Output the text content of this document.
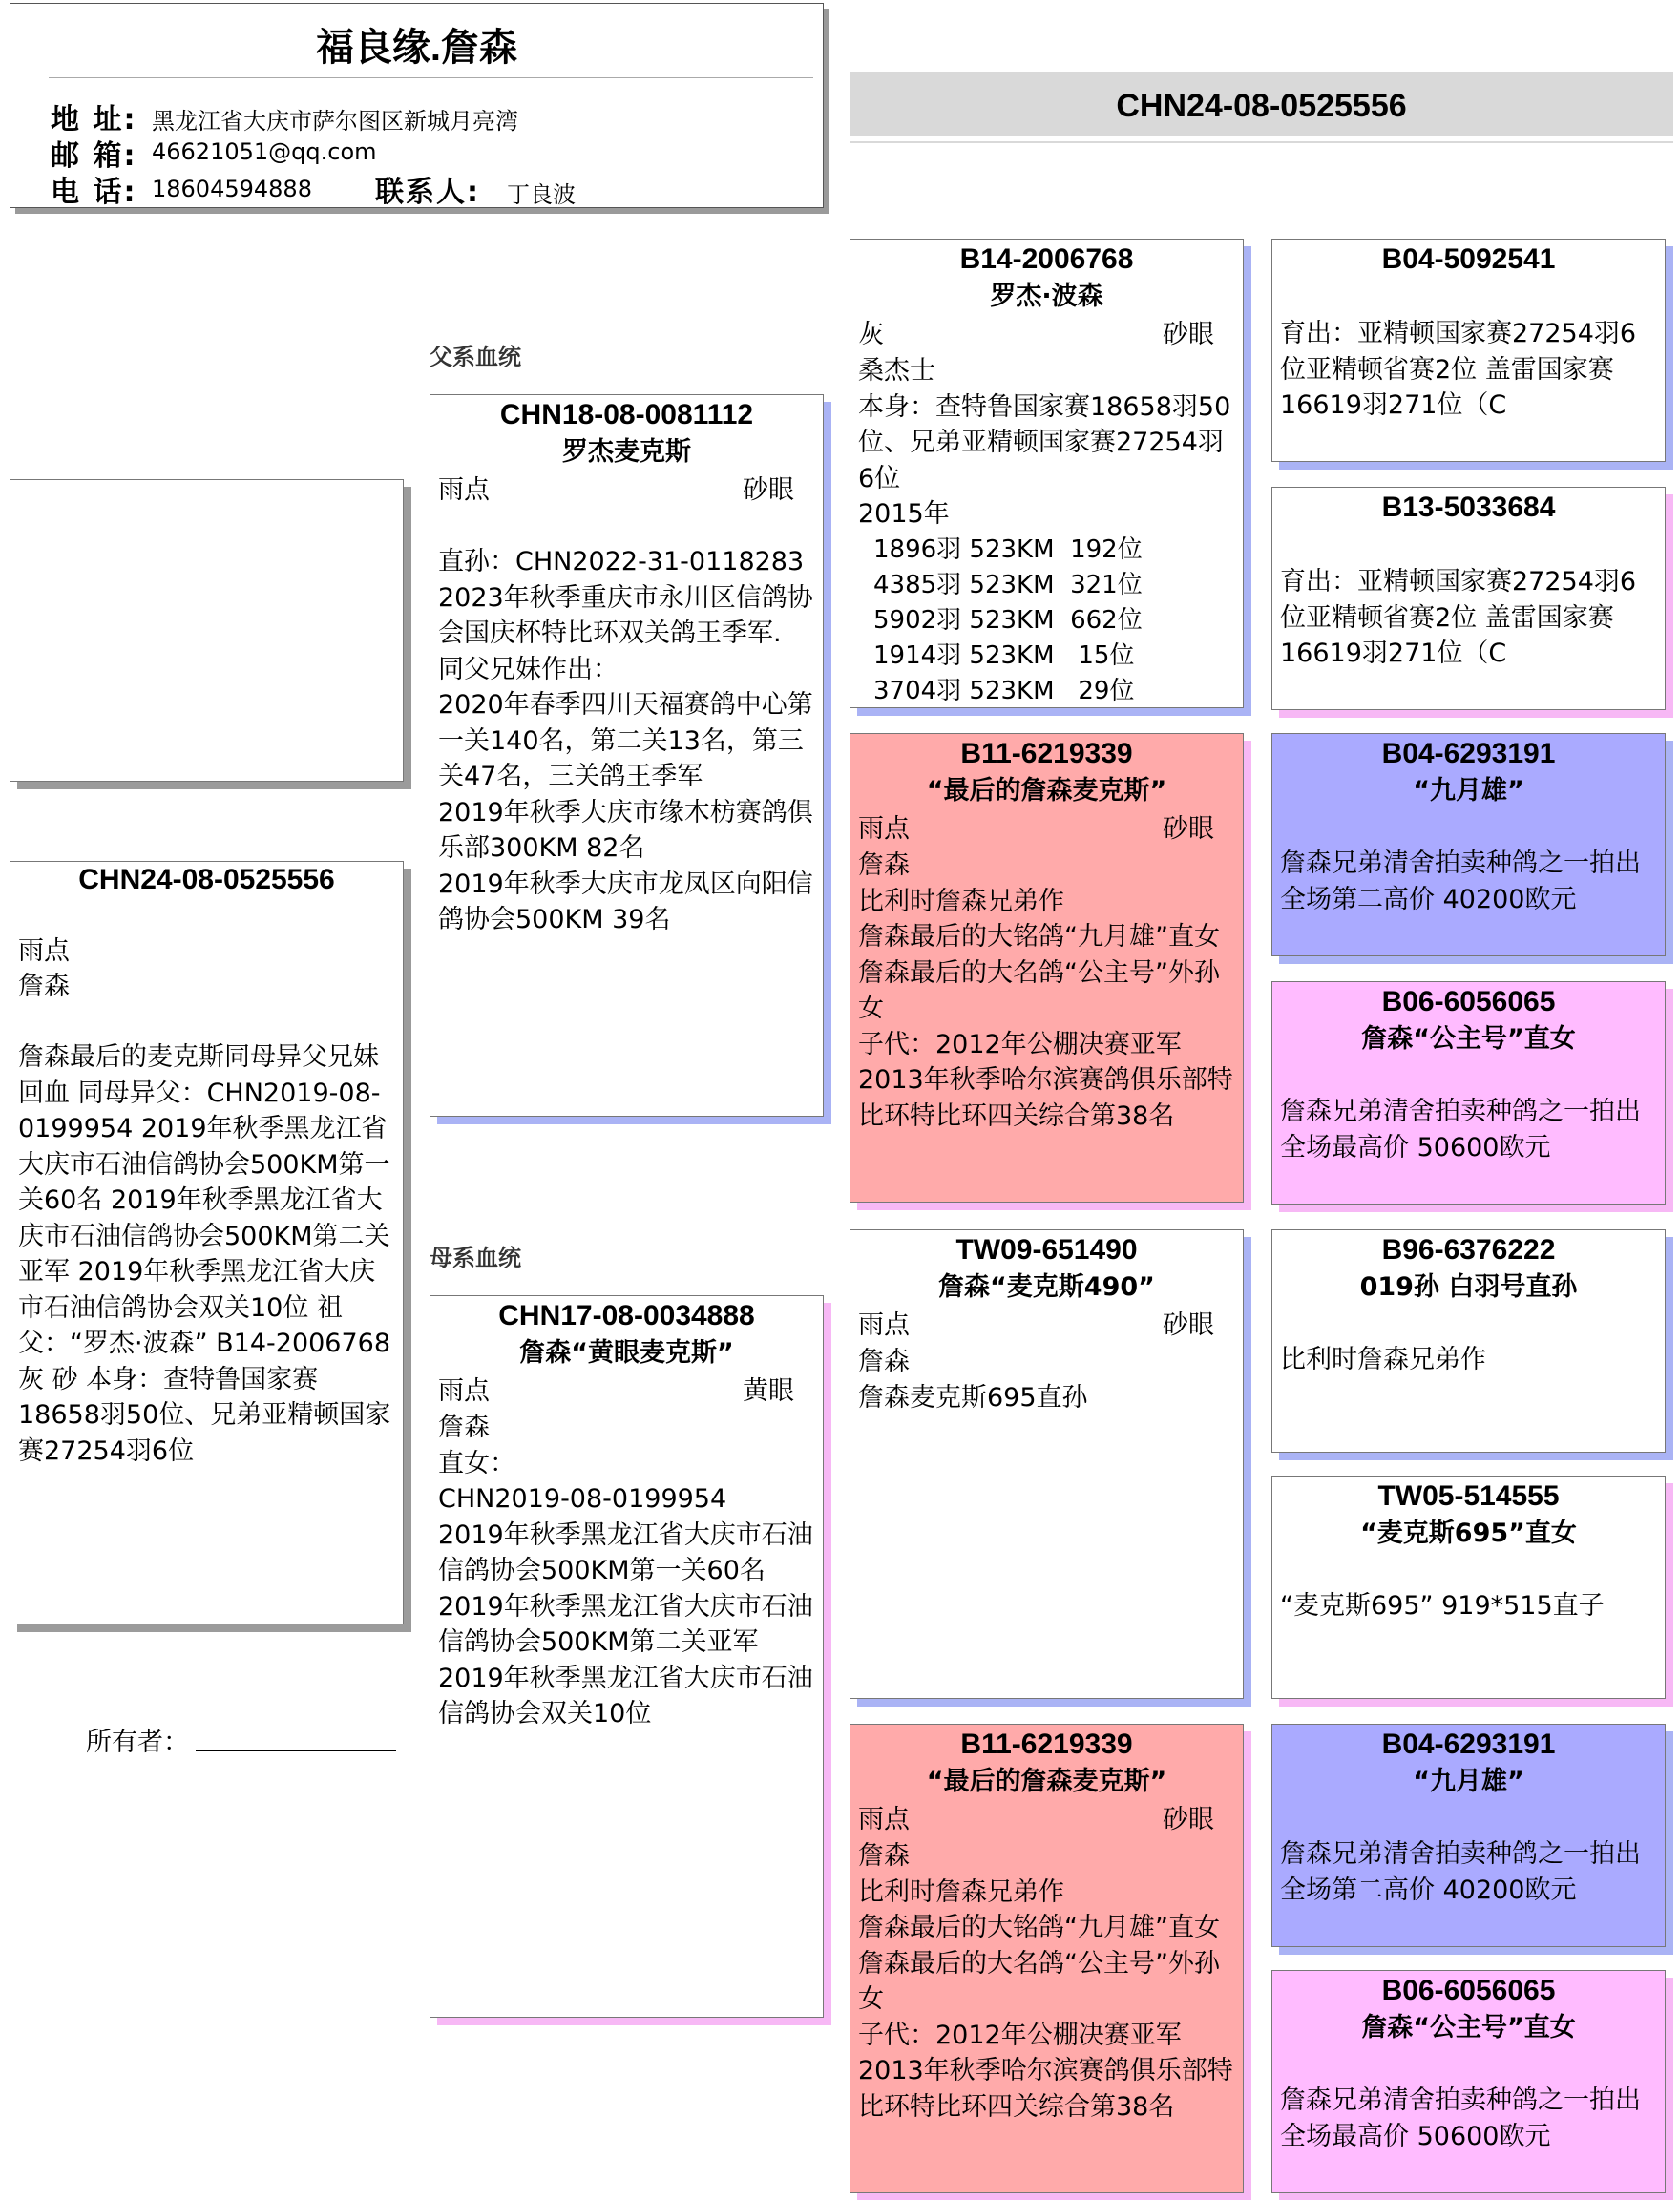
福良缘.詹森
地 址: 黑龙江省大庆市萨尔图区新城月亮湾
邮 箱: 46621051@qq.com
电 话: 18604594888 联系人: 丁良波
CHN24-08-0525556
父系血统
母系血统
CHN24-08-0525556
雨点
詹森
詹森最后的麦克斯同母异父兄妹回血 同母异父：CHN2019-08-0199954 2019年秋季黑龙江省大庆市石油信鸽协会500KM第一关60名 2019年秋季黑龙江省大庆市石油信鸽协会500KM第二关亚军 2019年秋季黑龙江省大庆市石油信鸽协会双关10位 祖父：“罗杰·波森” B14-2006768 灰 砂 本身：查特鲁国家赛18658羽50位、兄弟亚精顿国家赛27254羽6位
所有者：
CHN18-08-0081112
罗杰麦克斯
雨点	砂眼
直孙：CHN2022-31-0118283
2023年秋季重庆市永川区信鸽协会国庆杯特比环双关鸽王季军.
同父兄妹作出：
2020年春季四川天福赛鸽中心第一关140名，第二关13名，第三关47名，三关鸽王季军
2019年秋季大庆市缘木枋赛鸽俱乐部300KM 82名
2019年秋季大庆市龙凤区向阳信鸽协会500KM 39名
CHN17-08-0034888
詹森“黄眼麦克斯”
雨点	黄眼
詹森
直女：
CHN2019-08-0199954
2019年秋季黑龙江省大庆市石油信鸽协会500KM第一关60名
2019年秋季黑龙江省大庆市石油信鸽协会500KM第二关亚军
2019年秋季黑龙江省大庆市石油信鸽协会双关10位
B14-2006768
罗杰·波森
灰	砂眼
桑杰士
本身：查特鲁国家赛18658羽50位、兄弟亚精顿国家赛27254羽6位
2015年
1896羽 523KM  192位
4385羽 523KM  321位
5902羽 523KM  662位
1914羽 523KM   15位
3704羽 523KM   29位
B11-6219339
“最后的詹森麦克斯”
雨点	砂眼
詹森
比利时詹森兄弟作
詹森最后的大铭鸽“九月雄”直女
詹森最后的大名鸽“公主号”外孙女
子代：2012年公棚决赛亚军
2013年秋季哈尔滨赛鸽俱乐部特比环特比环四关综合第38名
TW09-651490
詹森“麦克斯490”
雨点	砂眼
詹森
詹森麦克斯695直孙
B11-6219339
“最后的詹森麦克斯”
雨点	砂眼
詹森
比利时詹森兄弟作
詹森最后的大铭鸽“九月雄”直女
詹森最后的大名鸽“公主号”外孙女
子代：2012年公棚决赛亚军
2013年秋季哈尔滨赛鸽俱乐部特比环特比环四关综合第38名
B04-5092541
育出：亚精顿国家赛27254羽6位亚精顿省赛2位 盖雷国家赛16619羽271位（C
B13-5033684
育出：亚精顿国家赛27254羽6位亚精顿省赛2位 盖雷国家赛16619羽271位（C
B04-6293191
“九月雄”
詹森兄弟清舍拍卖种鸽之一拍出全场第二高价 40200欧元
B06-6056065
詹森“公主号”直女
詹森兄弟清舍拍卖种鸽之一拍出全场最高价 50600欧元
B96-6376222
019孙 白羽号直孙
比利时詹森兄弟作
TW05-514555
“麦克斯695”直女
“麦克斯695” 919*515直子
B04-6293191
“九月雄”
詹森兄弟清舍拍卖种鸽之一拍出全场第二高价 40200欧元
B06-6056065
詹森“公主号”直女
詹森兄弟清舍拍卖种鸽之一拍出全场最高价 50600欧元
